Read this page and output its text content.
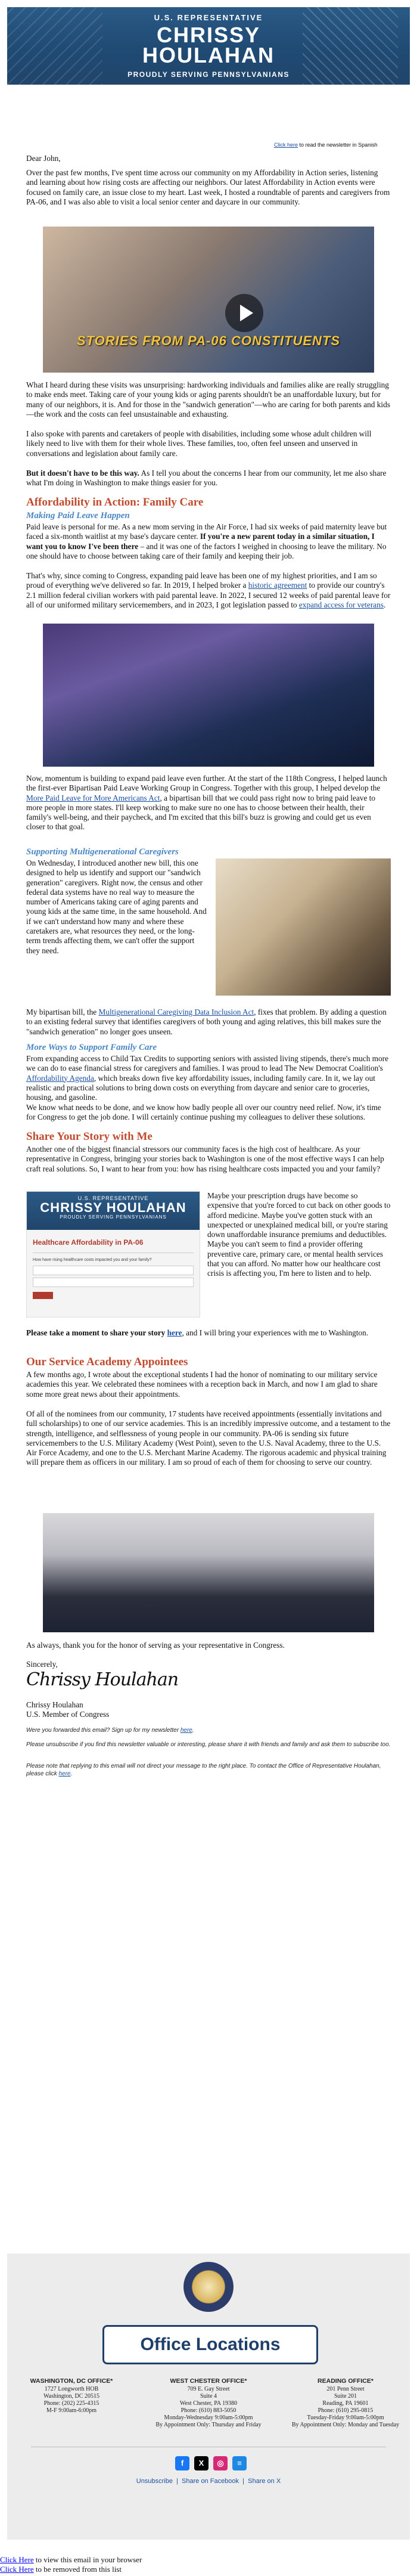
U.S. REPRESENTATIVE
CHRISSY
HOULAHAN
PROUDLY SERVING PENNSYLVANIANS
Click here to read the newsletter in Spanish

Dear John,

Over the past few months, I've spent time across our community on my Affordability in Action series, listening and learning about how rising costs are affecting our neighbors. Our latest Affordability in Action events were focused on family care, an issue close to my heart. Last week, I hosted a roundtable of parents and caregivers from PA-06, and I was also able to visit a local senior center and daycare in our community.

STORIES FROM PA-06 CONSTITUENTS

What I heard during these visits was unsurprising: hardworking individuals and families alike are really struggling to make ends meet. Taking care of your young kids or aging parents shouldn't be an unaffordable luxury, but for many of our neighbors, it is. And for those in the "sandwich generation"—who are caring for both parents and kids—the work and the costs can feel unsustainable and exhausting.

I also spoke with parents and caretakers of people with disabilities, including some whose adult children will likely need to live with them for their whole lives. These families, too, often feel unseen and unserved in conversations and legislation about family care.

But it doesn't have to be this way. As I tell you about the concerns I hear from our community, let me also share what I'm doing in Washington to make things easier for you.

Affordability in Action: Family Care
Making Paid Leave Happen

Paid leave is personal for me. As a new mom serving in the Air Force, I had six weeks of paid maternity leave but faced a six-month waitlist at my base's daycare center. If you're a new parent today in a similar situation, I want you to know I've been there – and it was one of the factors I weighed in choosing to leave the military. No one should have to choose between taking care of their family and keeping their job.

That's why, since coming to Congress, expanding paid leave has been one of my highest priorities, and I am so proud of everything we've delivered so far. In 2019, I helped broker a historic agreement to provide our country's 2.1 million federal civilian workers with paid parental leave. In 2022, I secured 12 weeks of paid parental leave for all of our uniformed military servicemembers, and in 2023, I got legislation passed to expand access for veterans.

Now, momentum is building to expand paid leave even further. At the start of the 118th Congress, I helped launch the first-ever Bipartisan Paid Leave Working Group in Congress. Together with this group, I helped develop the More Paid Leave for More Americans Act, a bipartisan bill that we could pass right now to bring paid leave to more people in more states. I'll keep working to make sure no one has to choose between their health, their family's well-being, and their paycheck, and I'm excited that this bill's buzz is growing and could get us even closer to that goal.

Supporting Multigenerational Caregivers

On Wednesday, I introduced another new bill, this one designed to help us identify and support our "sandwich generation" caregivers. Right now, the census and other federal data systems have no real way to measure the number of Americans taking care of aging parents and young kids at the same time, in the same household. And if we can't understand how many and where these caretakers are, what resources they need, or the long-term trends affecting them, we can't offer the support they need.

My bipartisan bill, the Multigenerational Caregiving Data Inclusion Act, fixes that problem. By adding a question to an existing federal survey that identifies caregivers of both young and aging relatives, this bill makes sure the "sandwich generation" no longer goes unseen.

More Ways to Support Family Care

From expanding access to Child Tax Credits to supporting seniors with assisted living stipends, there's much more we can do to ease financial stress for caregivers and families. I was proud to lead The New Democrat Coalition's Affordability Agenda, which breaks down five key affordability issues, including family care. In it, we lay out realistic and practical solutions to bring down costs on everything from daycare and senior care to groceries, housing, and gasoline.

We know what needs to be done, and we know how badly people all over our country need relief. Now, it's time for Congress to get the job done. I will certainly continue pushing my colleagues to deliver these solutions.

Share Your Story with Me

Another one of the biggest financial stressors our community faces is the high cost of healthcare. As your representative in Congress, bringing your stories back to Washington is one of the most effective ways I can help craft real solutions. So, I want to hear from you: how has rising healthcare costs impacted you and your family?

U.S. REPRESENTATIVE
CHRISSY HOULAHAN
PROUDLY SERVING PENNSYLVANIANS
Healthcare Affordability in PA-06
How have rising healthcare costs impacted you and your family?

Maybe your prescription drugs have become so expensive that you're forced to cut back on other goods to afford medicine. Maybe you've gotten stuck with an unexpected or unexplained medical bill, or you're staring down unaffordable insurance premiums and deductibles. Maybe you can't seem to find a provider offering preventive care, primary care, or mental health services that you can afford. No matter how our healthcare cost crisis is affecting you, I'm here to listen and to help.

Please take a moment to share your story here, and I will bring your experiences with me to Washington.

Our Service Academy Appointees

A few months ago, I wrote about the exceptional students I had the honor of nominating to our military service academies this year. We celebrated these nominees with a reception back in March, and now I am glad to share some more great news about their appointments.

Of all of the nominees from our community, 17 students have received appointments (essentially invitations and full scholarships) to one of our service academies. This is an incredibly impressive outcome, and a testament to the strength, intelligence, and selflessness of young people in our community. PA-06 is sending six future servicemembers to the U.S. Military Academy (West Point), seven to the U.S. Naval Academy, three to the U.S. Air Force Academy, and one to the U.S. Merchant Marine Academy. The rigorous academic and physical training will prepare them as officers in our military. I am so proud of each of them for choosing to serve our country.

As always, thank you for the honor of serving as your representative in Congress.

Sincerely,

Chrissy Houlahan

Chrissy Houlahan

U.S. Member of Congress

Were you forwarded this email? Sign up for my newsletter here.
Please unsubscribe if you find this newsletter valuable or interesting, please share it with friends and family and ask them to subscribe too.
Please note that replying to this email will not direct your message to the right place. To contact the Office of Representative Houlahan, please click here.
Office Locations
WASHINGTON, DC OFFICE*
1727 Longworth HOB
Washington, DC 20515
Phone: (202) 225-4315
M-F 9:00am-6:00pm
WEST CHESTER OFFICE*
709 E. Gay Street
Suite 4
West Chester, PA 19380
Phone: (610) 883-5050
Monday-Wednesday 9:00am-5:00pm
By Appointment Only: Thursday and Friday
READING OFFICE*
201 Penn Street
Suite 201
Reading, PA 19601
Phone: (610) 295-0815
Tuesday-Friday 9:00am-5:00pm
By Appointment Only: Monday and Tuesday
f	X	◎	≡
Unsubscribe  |  Share on Facebook  |  Share on X
Click Here to view this email in your browser
Click Here to be removed from this list
